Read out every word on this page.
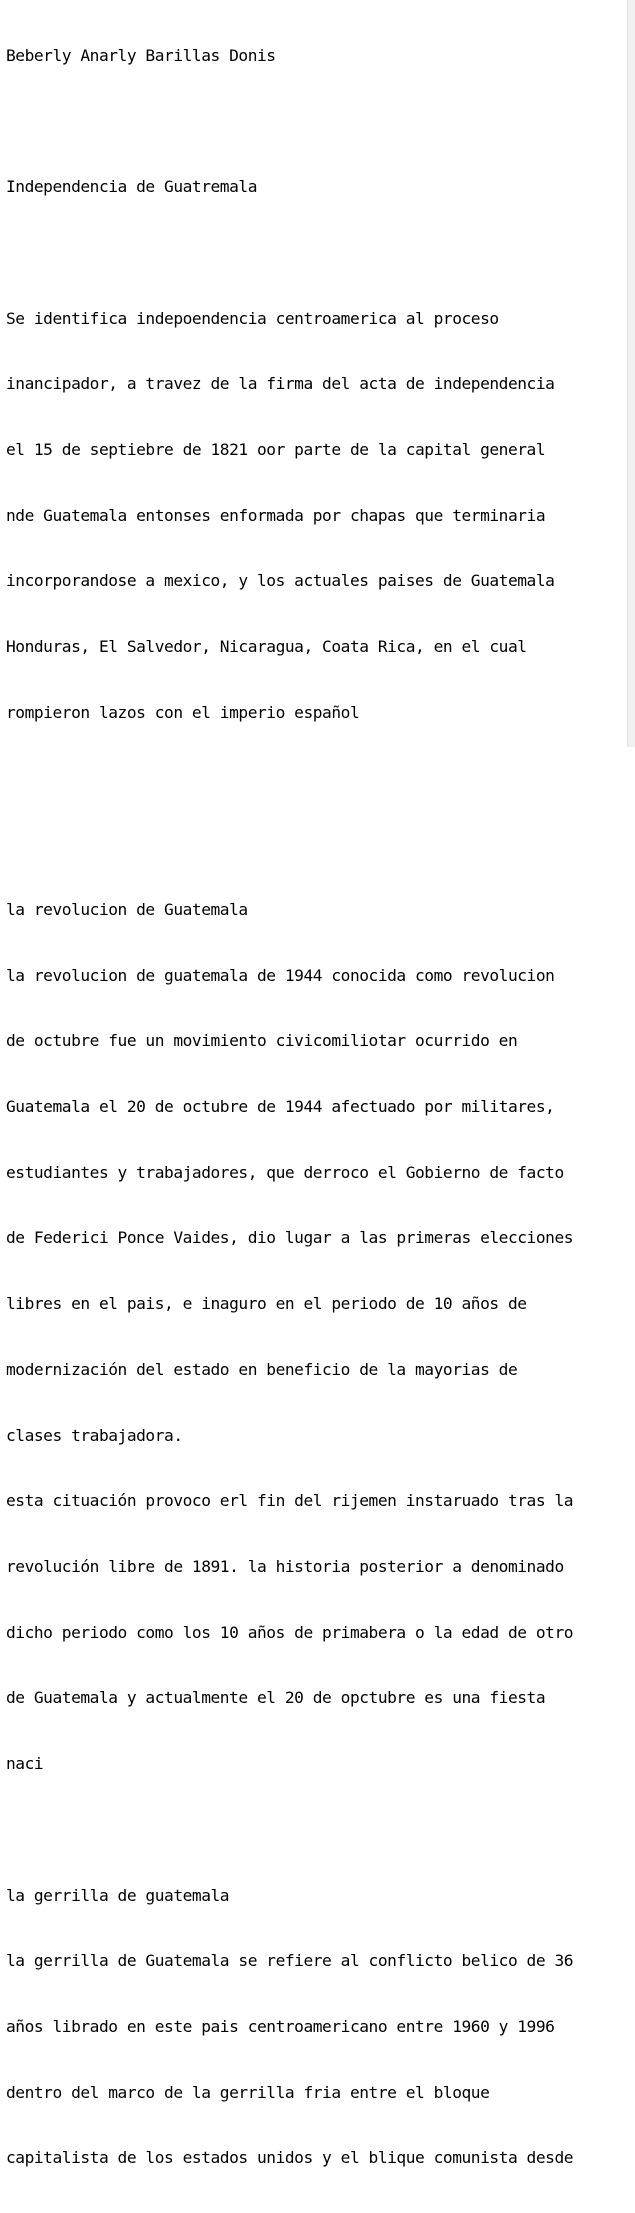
Beberly Anarly Barillas Donis

Independencia de Guatremala

Se identifica indepoendencia centroamerica al proceso

inancipador, a travez de la firma del acta de independencia

el 15 de septiebre de 1821 oor parte de la capital general

nde Guatemala entonses enformada por chapas que terminaria

incorporandose a mexico, y los actuales paises de Guatemala

Honduras, El Salvedor, Nicaragua, Coata Rica, en el cual

rompieron lazos con el imperio español

la revolucion de Guatemala

la revolucion de guatemala de 1944 conocida como revolucion

de octubre fue un movimiento civicomiliotar ocurrido en

Guatemala el 20 de octubre de 1944 afectuado por militares,

estudiantes y trabajadores, que derroco el Gobierno de facto

de Federici Ponce Vaides, dio lugar a las primeras elecciones

libres en el pais, e inaguro en el periodo de 10 años de

modernización del estado en beneficio de la mayorias de

clases trabajadora.

esta cituación provoco erl fin del rijemen instaruado tras la

revolución libre de 1891. la historia posterior a denominado

dicho periodo como los 10 años de primabera o la edad de otro

de Guatemala y actualmente el 20 de opctubre es una fiesta

naci

la gerrilla de guatemala

la gerrilla de Guatemala se refiere al conflicto belico de 36

años librado en este pais centroamericano entre 1960 y 1996

dentro del marco de la gerrilla fria entre el bloque

capitalista de los estados unidos y el blique comunista desde
